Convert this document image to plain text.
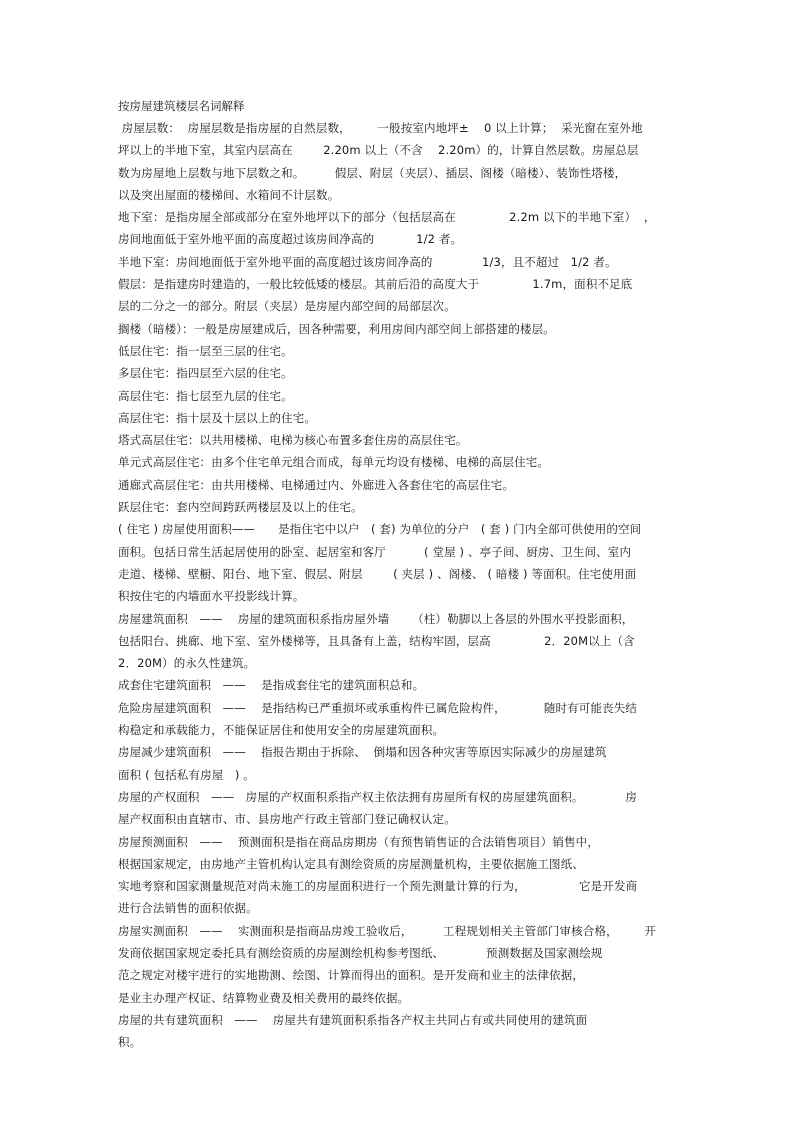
按房屋建筑楼层名词解释
房屋层数：  房屋层数是指房屋的自然层数，       一般按室内地坪±    0 以上计算；  采光窗在室外地
坪以上的半地下室，其室内层高在        2.20m 以上（不含    2.20m）的，计算自然层数。房屋总层
数为房屋地上层数与地下层数之和。        假层、附层（夹层）、插层、阁楼（暗楼）、装饰性塔楼，
以及突出屋面的楼梯间、水箱间不计层数。
地下室：是指房屋全部或部分在室外地坪以下的部分（包括层高在              2.2m 以下的半地下室）  ，
房间地面低于室外地平面的高度超过该房间净高的           1/2 者。
半地下室：房间地面低于室外地平面的高度超过该房间净高的             1/3，且不超过   1/2 者。
假层：是指建房时建造的，一般比较低矮的楼层。其前后沿的高度大于              1.7m，面积不足底
层的二分之一的部分。附层（夹层）是房屋内部空间的局部层次。
搁楼（暗楼）：一般是房屋建成后，因各种需要，利用房间内部空间上部搭建的楼层。
低层住宅：指一层至三层的住宅。
多层住宅：指四层至六层的住宅。
高层住宅：指七层至九层的住宅。
高层住宅：指十层及十层以上的住宅。
塔式高层住宅：以共用楼梯、电梯为核心布置多套住房的高层住宅。
单元式高层住宅：由多个住宅单元组合而成，每单元均设有楼梯、电梯的高层住宅。
通廊式高层住宅：由共用楼梯、电梯通过内、外廊进入各套住宅的高层住宅。
跃层住宅：套内空间跨跃两楼层及以上的住宅。
( 住宅 ) 房屋使用面积——      是指住宅中以户   ( 套) 为单位的分户   ( 套 ) 门内全部可供使用的空间
面积。包括日常生活起居使用的卧室、起居室和客厅          ( 堂屋 ) 、亭子间、厨房、卫生间、室内
走道、楼梯、壁橱、阳台、地下室、假层、附层        ( 夹层 ) 、阁楼、 ( 暗楼 ) 等面积。住宅使用面
积按住宅的内墙面水平投影线计算。
房屋建筑面积   ——    房屋的建筑面积系指房屋外墙      （柱）勒脚以上各层的外围水平投影面积，
包括阳台、挑廊、地下室、室外楼梯等，且具备有上盖，结构牢固，层高              2．20M以上（含
2．20M）的永久性建筑。
成套住宅建筑面积   ——    是指成套住宅的建筑面积总和。
危险房屋建筑面积   ——    是指结构已严重损坏或承重构件已属危险构件，          随时有可能丧失结
构稳定和承载能力，不能保证居住和使用安全的房屋建筑面积。
房屋减少建筑面积   ——    指报告期由于拆除、  倒塌和因各种灾害等原因实际减少的房屋建筑
面积 ( 包括私有房屋   ) 。
房屋的产权面积   ——   房屋的产权面积系指产权主依法拥有房屋所有权的房屋建筑面积。           房
屋产权面积由直辖市、市、县房地产行政主管部门登记确权认定。
房屋预测面积   ——    预测面积是指在商品房期房（有预售销售证的合法销售项目）销售中，
根据国家规定，由房地产主管机构认定具有测绘资质的房屋测量机构，主要依据施工图纸、
实地考察和国家测量规范对尚未施工的房屋面积进行一个预先测量计算的行为，              它是开发商
进行合法销售的面积依据。
房屋实测面积   ——    实测面积是指商品房竣工验收后，        工程规划相关主管部门审核合格，       开
发商依据国家规定委托具有测绘资质的房屋测绘机构参考图纸、           预测数据及国家测绘规
范之规定对楼宇进行的实地勘测、绘图、计算而得出的面积。是开发商和业主的法律依据，
是业主办理产权证、结算物业费及相关费用的最终依据。
房屋的共有建筑面积   ——    房屋共有建筑面积系指各产权主共同占有或共同使用的建筑面
积。
